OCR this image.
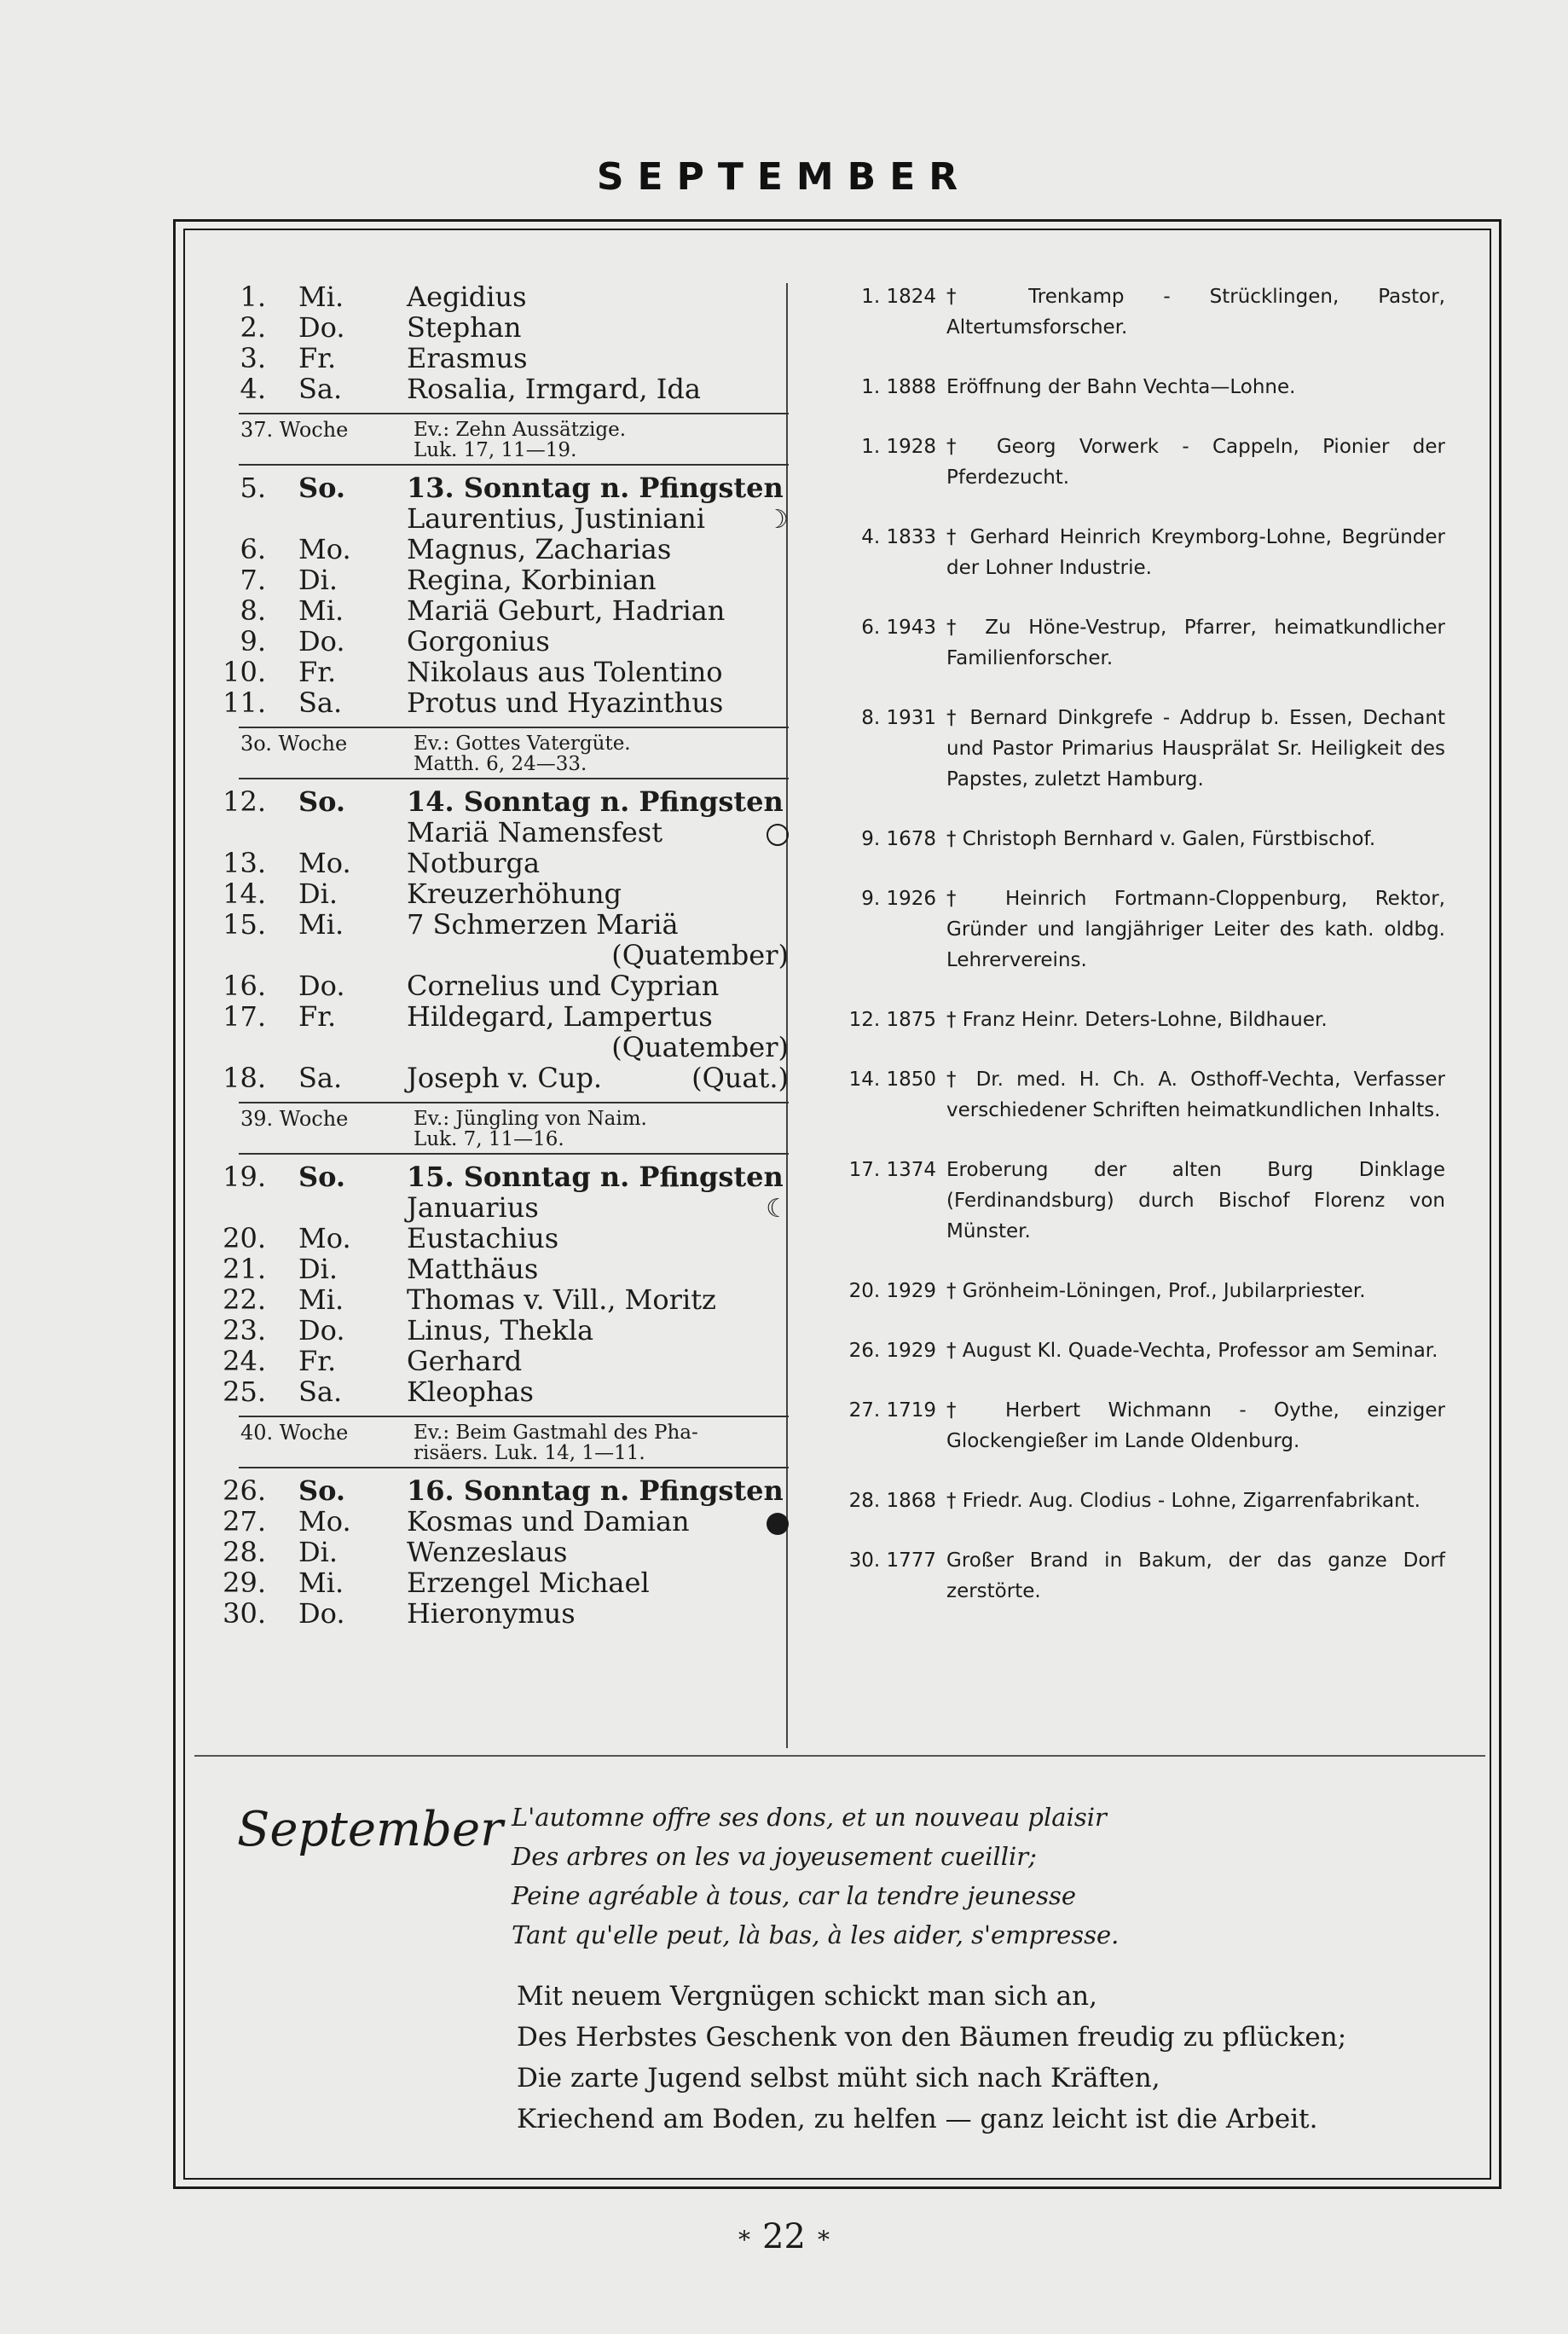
SEPTEMBER
1.	Mi.	Aegidius
2.	Do.	Stephan
3.	Fr.	Erasmus
4.	Sa.	Rosalia, Irmgard, Ida
37. Woche	Ev.: Zehn Aussätzige.
Luk. 17, 11—19.
5.	So.	13. Sonntag n. Pfingsten
Laurentius, Justiniani	☽
6.	Mo.	Magnus, Zacharias
7.	Di.	Regina, Korbinian
8.	Mi.	Mariä Geburt, Hadrian
9.	Do.	Gorgonius
10.	Fr.	Nikolaus aus Tolentino
11.	Sa.	Protus und Hyazinthus
3o. Woche	Ev.: Gottes Vatergüte.
Matth. 6, 24—33.
12.	So.	14. Sonntag n. Pfingsten
Mariä Namensfest
13.	Mo.	Notburga
14.	Di.	Kreuzerhöhung
15.	Mi.	7 Schmerzen Mariä
(Quatember)
16.	Do.	Cornelius und Cyprian
17.	Fr.	Hildegard, Lampertus
(Quatember)
18.	Sa.	Joseph v. Cup.	(Quat.)
39. Woche	Ev.: Jüngling von Naim.
Luk. 7, 11—16.
19.	So.	15. Sonntag n. Pfingsten
Januarius	☾
20.	Mo.	Eustachius
21.	Di.	Matthäus
22.	Mi.	Thomas v. Vill., Moritz
23.	Do.	Linus, Thekla
24.	Fr.	Gerhard
25.	Sa.	Kleophas
40. Woche	Ev.: Beim Gastmahl des Pha-
risäers. Luk. 14, 1—11.
26.	So.	16. Sonntag n. Pfingsten
27.	Mo.	Kosmas und Damian
28.	Di.	Wenzeslaus
29.	Mi.	Erzengel Michael
30.	Do.	Hieronymus
1. 1824 † Trenkamp - Strücklingen, Pastor, Altertumsforscher.
1. 1888 Eröffnung der Bahn Vechta—Lohne.
1. 1928 † Georg Vorwerk - Cappeln, Pionier der Pferdezucht.
4. 1833 † Gerhard Heinrich Kreymborg-Lohne, Begründer der Lohner Industrie.
6. 1943 † Zu Höne-Vestrup, Pfarrer, heimatkundlicher Familienforscher.
8. 1931 † Bernard Dinkgrefe - Addrup b. Essen, Dechant und Pastor Primarius Hausprälat Sr. Heiligkeit des Papstes, zuletzt Hamburg.
9. 1678 † Christoph Bernhard v. Galen, Fürstbischof.
9. 1926 † Heinrich Fortmann-Cloppenburg, Rektor, Gründer und langjähriger Leiter des kath. oldbg. Lehrervereins.
12. 1875 † Franz Heinr. Deters-Lohne, Bildhauer.
14. 1850 † Dr. med. H. Ch. A. Osthoff-Vechta, Verfasser verschiedener Schriften heimatkundlichen Inhalts.
17. 1374 Eroberung der alten Burg Dinklage (Ferdinandsburg) durch Bischof Florenz von Münster.
20. 1929 † Grönheim-Löningen, Prof., Jubilarpriester.
26. 1929 † August Kl. Quade-Vechta, Professor am Seminar.
27. 1719 † Herbert Wichmann - Oythe, einziger Glockengießer im Lande Oldenburg.
28. 1868 † Friedr. Aug. Clodius - Lohne, Zigarrenfabrikant.
30. 1777 Großer Brand in Bakum, der das ganze Dorf zerstörte.
September L'automne offre ses dons, et un nouveau plaisir
Des arbres on les va joyeusement cueillir;
Peine agréable à tous, car la tendre jeunesse
Tant qu'elle peut, là bas, à les aider, s'empresse.
Mit neuem Vergnügen schickt man sich an,
Des Herbstes Geschenk von den Bäumen freudig zu pflücken;
Die zarte Jugend selbst müht sich nach Kräften,
Kriechend am Boden, zu helfen — ganz leicht ist die Arbeit.
* 22 *
